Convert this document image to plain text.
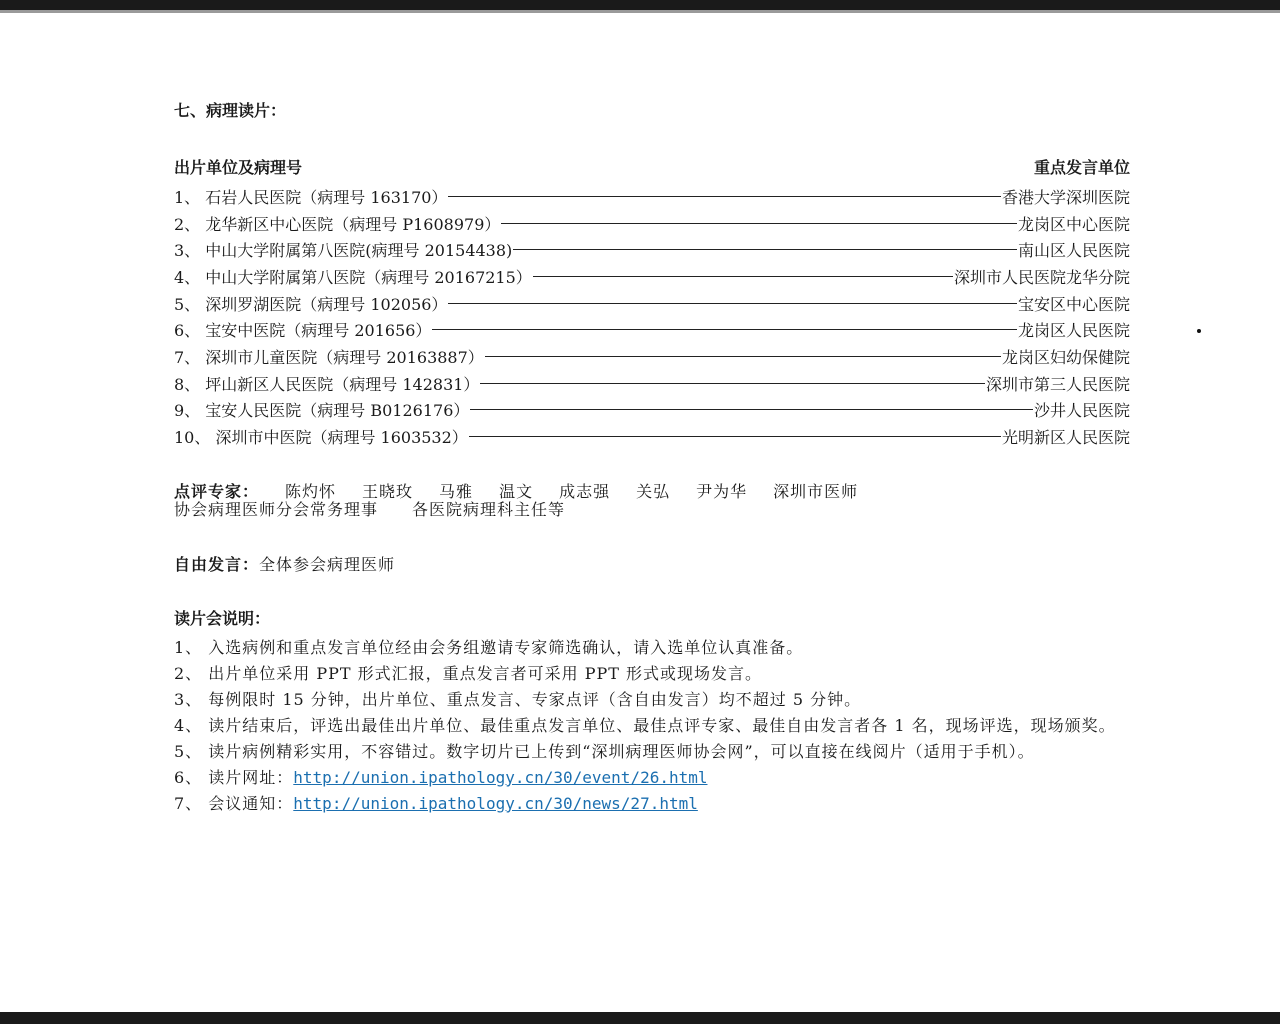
七、病理读片：
出片单位及病理号	重点发言单位
1、 石岩人民医院（病理号 163170）	香港大学深圳医院
2、 龙华新区中心医院（病理号 P1608979）	龙岗区中心医院
3、 中山大学附属第八医院(病理号 20154438)	南山区人民医院
4、 中山大学附属第八医院（病理号 20167215）	深圳市人民医院龙华分院
5、 深圳罗湖医院（病理号 102056）	宝安区中心医院
6、 宝安中医院（病理号 201656）	龙岗区人民医院
7、 深圳市儿童医院（病理号 20163887）	龙岗区妇幼保健院
8、 坪山新区人民医院（病理号 142831）	深圳市第三人民医院
9、 宝安人民医院（病理号 B0126176）	沙井人民医院
10、 深圳市中医院（病理号 1603532）	光明新区人民医院
点评专家： 陈灼怀 王晓玫 马雅 温文 成志强 关弘 尹为华 深圳市医师
协会病理医师分会常务理事　　各医院病理科主任等
自由发言：全体参会病理医师
读片会说明：
1、 入选病例和重点发言单位经由会务组邀请专家筛选确认，请入选单位认真准备。
2、 出片单位采用 PPT 形式汇报，重点发言者可采用 PPT 形式或现场发言。
3、 每例限时 15 分钟，出片单位、重点发言、专家点评（含自由发言）均不超过 5 分钟。
4、 读片结束后，评选出最佳出片单位、最佳重点发言单位、最佳点评专家、最佳自由发言者各 1 名，现场评选，现场颁奖。
5、 读片病例精彩实用，不容错过。数字切片已上传到“深圳病理医师协会网”，可以直接在线阅片（适用于手机）。
6、 读片网址：http://union.ipathology.cn/30/event/26.html
7、 会议通知：http://union.ipathology.cn/30/news/27.html
